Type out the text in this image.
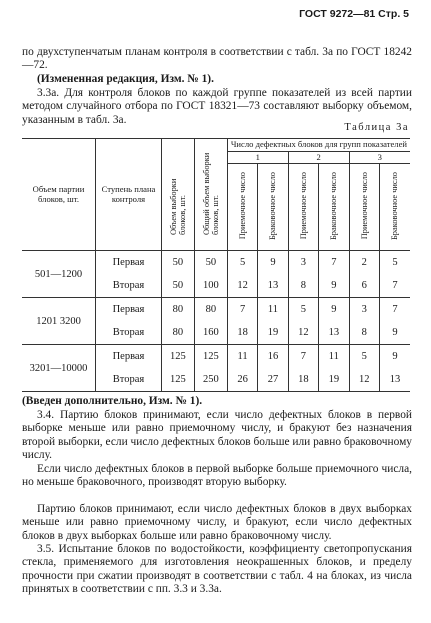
ГОСТ 9272—81 Стр. 5
по двухступенчатым планам контроля в соответствии с табл. 3а по ГОСТ 18242—72.
(Измененная редакция, Изм. № 1).
3.3а. Для контроля блоков по каждой группе показателей из всей партии методом случайного отбора по ГОСТ 18321—73 составляют выборку объемом, указанным в табл. 3а.
Таблица 3а
Объем партии блоков, шт.	Ступень плана контроля	Объем выборки блоков, шт.	Общий объем выборки блоков, шт.	Число дефектных блоков для групп показателей					
				1		2		3	
				Приемочное число	Браковочное число	Приемочное число	Браковочное число	Приемочное число	Браковочное число
501—1200	Первая	50	50	5	9	3	7	2	5
	Вторая	50	100	12	13	8	9	6	7
1201 3200	Первая	80	80	7	11	5	9	3	7
	Вторая	80	160	18	19	12	13	8	9
3201—10000	Первая	125	125	11	16	7	11	5	9
	Вторая	125	250	26	27	18	19	12	13
(Введен дополнительно, Изм. № 1).
3.4. Партию блоков принимают, если число дефектных блоков в первой выборке меньше или равно приемочному числу, и бракуют без назначения второй выборки, если число дефектных блоков больше или равно браковочному числу.
Если число дефектных блоков в первой выборке больше приемочного числа, но меньше браковочного, производят вторую выборку.
Партию блоков принимают, если число дефектных блоков в двух выборках меньше или равно приемочному числу, и бракуют, если число дефектных блоков в двух выборках больше или равно браковочному числу.
3.5. Испытание блоков по водостойкости, коэффициенту светопропускания стекла, применяемого для изготовления неокрашенных блоков, и пределу прочности при сжатии производят в соответствии с табл. 4 на блоках, из числа принятых в соответствии с пп. 3.3 и 3.3а.
